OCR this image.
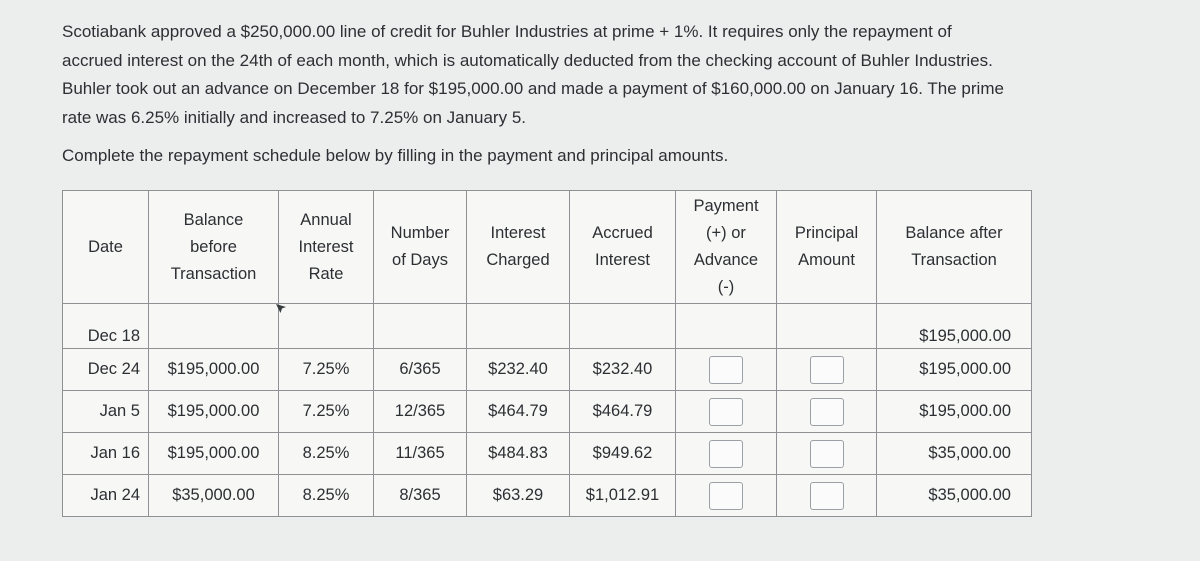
Scotiabank approved a $250,000.00 line of credit for Buhler Industries at prime + 1%. It requires only the repayment of

accrued interest on the 24th of each month, which is automatically deducted from the checking account of Buhler Industries.

Buhler took out an advance on December 18 for $195,000.00 and made a payment of $160,000.00 on January 16. The prime

rate was 6.25% initially and increased to 7.25% on January 5.

Complete the repayment schedule below by filling in the payment and principal amounts.
Date	Balance
before
Transaction	Annual
Interest
Rate	Number
of Days	Interest
Charged	Accrued
Interest	Payment
(+) or
Advance
(-)	Principal
Amount	Balance after
Transaction
Dec 18								$195,000.00
Dec 24	$195,000.00	7.25%	6/365	$232.40	$232.40			$195,000.00
Jan 5	$195,000.00	7.25%	12/365	$464.79	$464.79			$195,000.00
Jan 16	$195,000.00	8.25%	11/365	$484.83	$949.62			$35,000.00
Jan 24	$35,000.00	8.25%	8/365	$63.29	$1,012.91			$35,000.00
